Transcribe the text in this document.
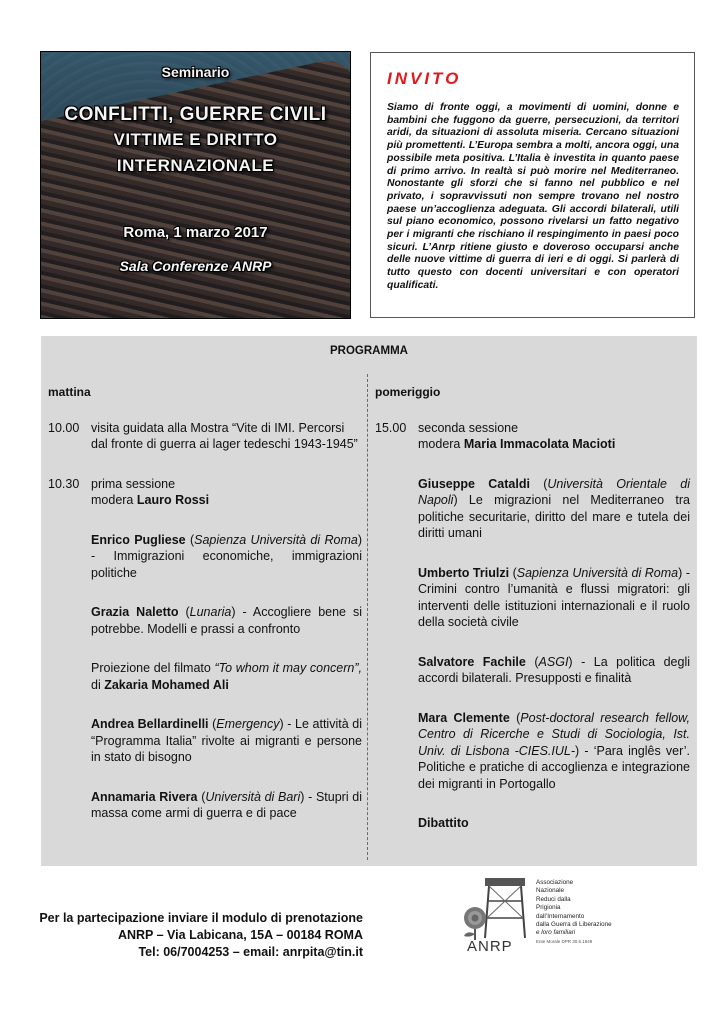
Seminario
CONFLITTI, GUERRE CIVILI
VITTIME E DIRITTO
INTERNAZIONALE
Roma, 1 marzo 2017
Sala Conferenze ANRP
INVITO

Siamo di fronte oggi, a movimenti di uomini, donne e bambini che fuggono da guerre, persecuzioni, da territori aridi, da situazioni di assoluta miseria. Cercano situazioni più promettenti. L’Europa sembra a molti, ancora oggi, una possibile meta positiva. L’Italia è investita in quanto paese di primo arrivo. In realtà si può morire nel Mediterraneo. Nonostante gli sforzi che si fanno nel pubblico e nel privato, i sopravvissuti non sempre trovano nel nostro paese un’accoglienza adeguata. Gli accordi bilaterali, utili sul piano economico, possono rivelarsi un fatto negativo per i migranti che rischiano il respingimento in paesi poco sicuri. L’Anrp ritiene giusto e doveroso occuparsi anche delle nuove vittime di guerra di ieri e di oggi. Si parlerà di tutto questo con docenti universitari e con operatori qualificati.

PROGRAMMA
mattina
10.00 visita guidata alla Mostra “Vite di IMI. Percorsi dal fronte di guerra ai lager tedeschi 1943-1945”
10.30 prima sessione
modera Lauro Rossi
Enrico Pugliese (Sapienza Università di Roma) - Immigrazioni economiche, immigrazioni politiche
Grazia Naletto (Lunaria) - Accogliere bene si potrebbe. Modelli e prassi a confronto
Proiezione del filmato “To whom it may concern”, di Zakaria Mohamed Ali
Andrea Bellardinelli (Emergency) - Le attività di “Programma Italia” rivolte ai migranti e persone in stato di bisogno
Annamaria Rivera (Università di Bari) - Stupri di massa come armi di guerra e di pace
pomeriggio
15.00 seconda sessione
modera Maria Immacolata Macioti
Giuseppe Cataldi (Università Orientale di Napoli) Le migrazioni nel Mediterraneo tra politiche securitarie, diritto del mare e tutela dei diritti umani
Umberto Triulzi (Sapienza Università di Roma) - Crimini contro l’umanità e flussi migratori: gli interventi delle istituzioni internazionali e il ruolo della società civile
Salvatore Fachile (ASGI) - La politica degli accordi bilaterali. Presupposti e finalità
Mara Clemente (Post-doctoral research fellow, Centro di Ricerche e Studi di Sociologia, Ist. Univ. di Lisbona -CIES.IUL-) - ‘Para inglês ver’. Politiche e pratiche di accoglienza e integrazione dei migranti in Portogallo
Dibattito
Per la partecipazione inviare il modulo di prenotazione
ANRP – Via Labicana, 15A – 00184 ROMA
Tel: 06/7004253 – email: anrpita@tin.it	ANRP
Associazione
Nazionale
Reduci dalla
Prigionia
dall’Internamento
dalla Guerra di Liberazione
e loro familiari
Ente Morale DPR 30.6.1949
